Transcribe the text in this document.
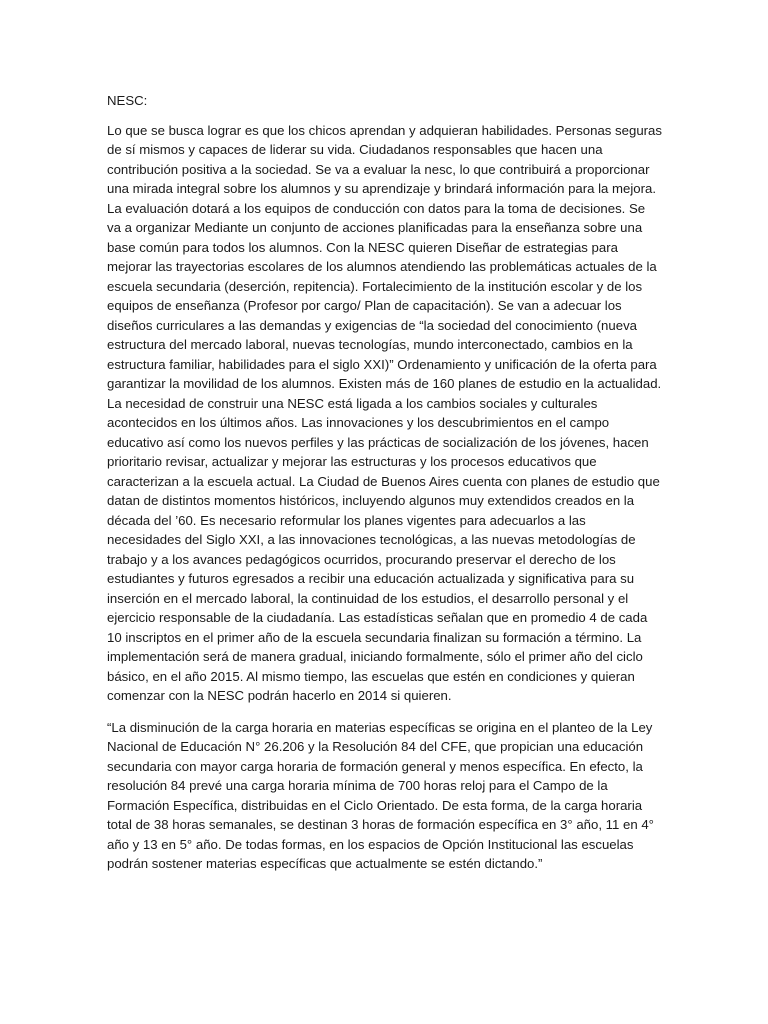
NESC:

Lo que se busca lograr es que los chicos aprendan y adquieran habilidades. Personas seguras de sí mismos y capaces de liderar su vida. Ciudadanos responsables que hacen una contribución positiva a la sociedad. Se va a evaluar la nesc, lo que contribuirá a proporcionar una mirada integral sobre los alumnos y su aprendizaje y brindará información para la mejora. La evaluación dotará a los equipos de conducción con datos para la toma de decisiones. Se va a organizar Mediante un conjunto de acciones planificadas para la enseñanza sobre una base común para todos los alumnos. Con la NESC quieren Diseñar de estrategias para mejorar las trayectorias escolares de los alumnos atendiendo las problemáticas actuales de la escuela secundaria (deserción, repitencia). Fortalecimiento de la institución escolar y de los equipos de enseñanza (Profesor por cargo/ Plan de capacitación). Se van a adecuar los diseños curriculares a las demandas y exigencias de “la sociedad del conocimiento (nueva estructura del mercado laboral, nuevas tecnologías, mundo interconectado, cambios en la estructura familiar, habilidades para el siglo XXI)” Ordenamiento y unificación de la oferta para garantizar la movilidad de los alumnos. Existen más de 160 planes de estudio en la actualidad. La necesidad de construir una NESC está ligada a los cambios sociales y culturales acontecidos en los últimos años. Las innovaciones y los descubrimientos en el campo educativo así como los nuevos perfiles y las prácticas de socialización de los jóvenes, hacen prioritario revisar, actualizar y mejorar las estructuras y los procesos educativos que caracterizan a la escuela actual. La Ciudad de Buenos Aires cuenta con planes de estudio que datan de distintos momentos históricos, incluyendo algunos muy extendidos creados en la década del ’60. Es necesario reformular los planes vigentes para adecuarlos a las necesidades del Siglo XXI, a las innovaciones tecnológicas, a las nuevas metodologías de trabajo y a los avances pedagógicos ocurridos, procurando preservar el derecho de los estudiantes y futuros egresados a recibir una educación actualizada y significativa para su inserción en el mercado laboral, la continuidad de los estudios, el desarrollo personal y el ejercicio responsable de la ciudadanía. Las estadísticas señalan que en promedio 4 de cada 10 inscriptos en el primer año de la escuela secundaria finalizan su formación a término. La implementación será de manera gradual, iniciando formalmente, sólo el primer año del ciclo básico, en el año 2015. Al mismo tiempo, las escuelas que estén en condiciones y quieran comenzar con la NESC podrán hacerlo en 2014 si quieren.

“La disminución de la carga horaria en materias específicas se origina en el planteo de la Ley Nacional de Educación N° 26.206 y la Resolución 84 del CFE, que propician una educación secundaria con mayor carga horaria de formación general y menos específica. En efecto, la resolución 84 prevé una carga horaria mínima de 700 horas reloj para el Campo de la Formación Específica, distribuidas en el Ciclo Orientado. De esta forma, de la carga horaria total de 38 horas semanales, se destinan 3 horas de formación específica en 3° año, 11 en 4° año y 13 en 5° año. De todas formas, en los espacios de Opción Institucional las escuelas podrán sostener materias específicas que actualmente se estén dictando.”
